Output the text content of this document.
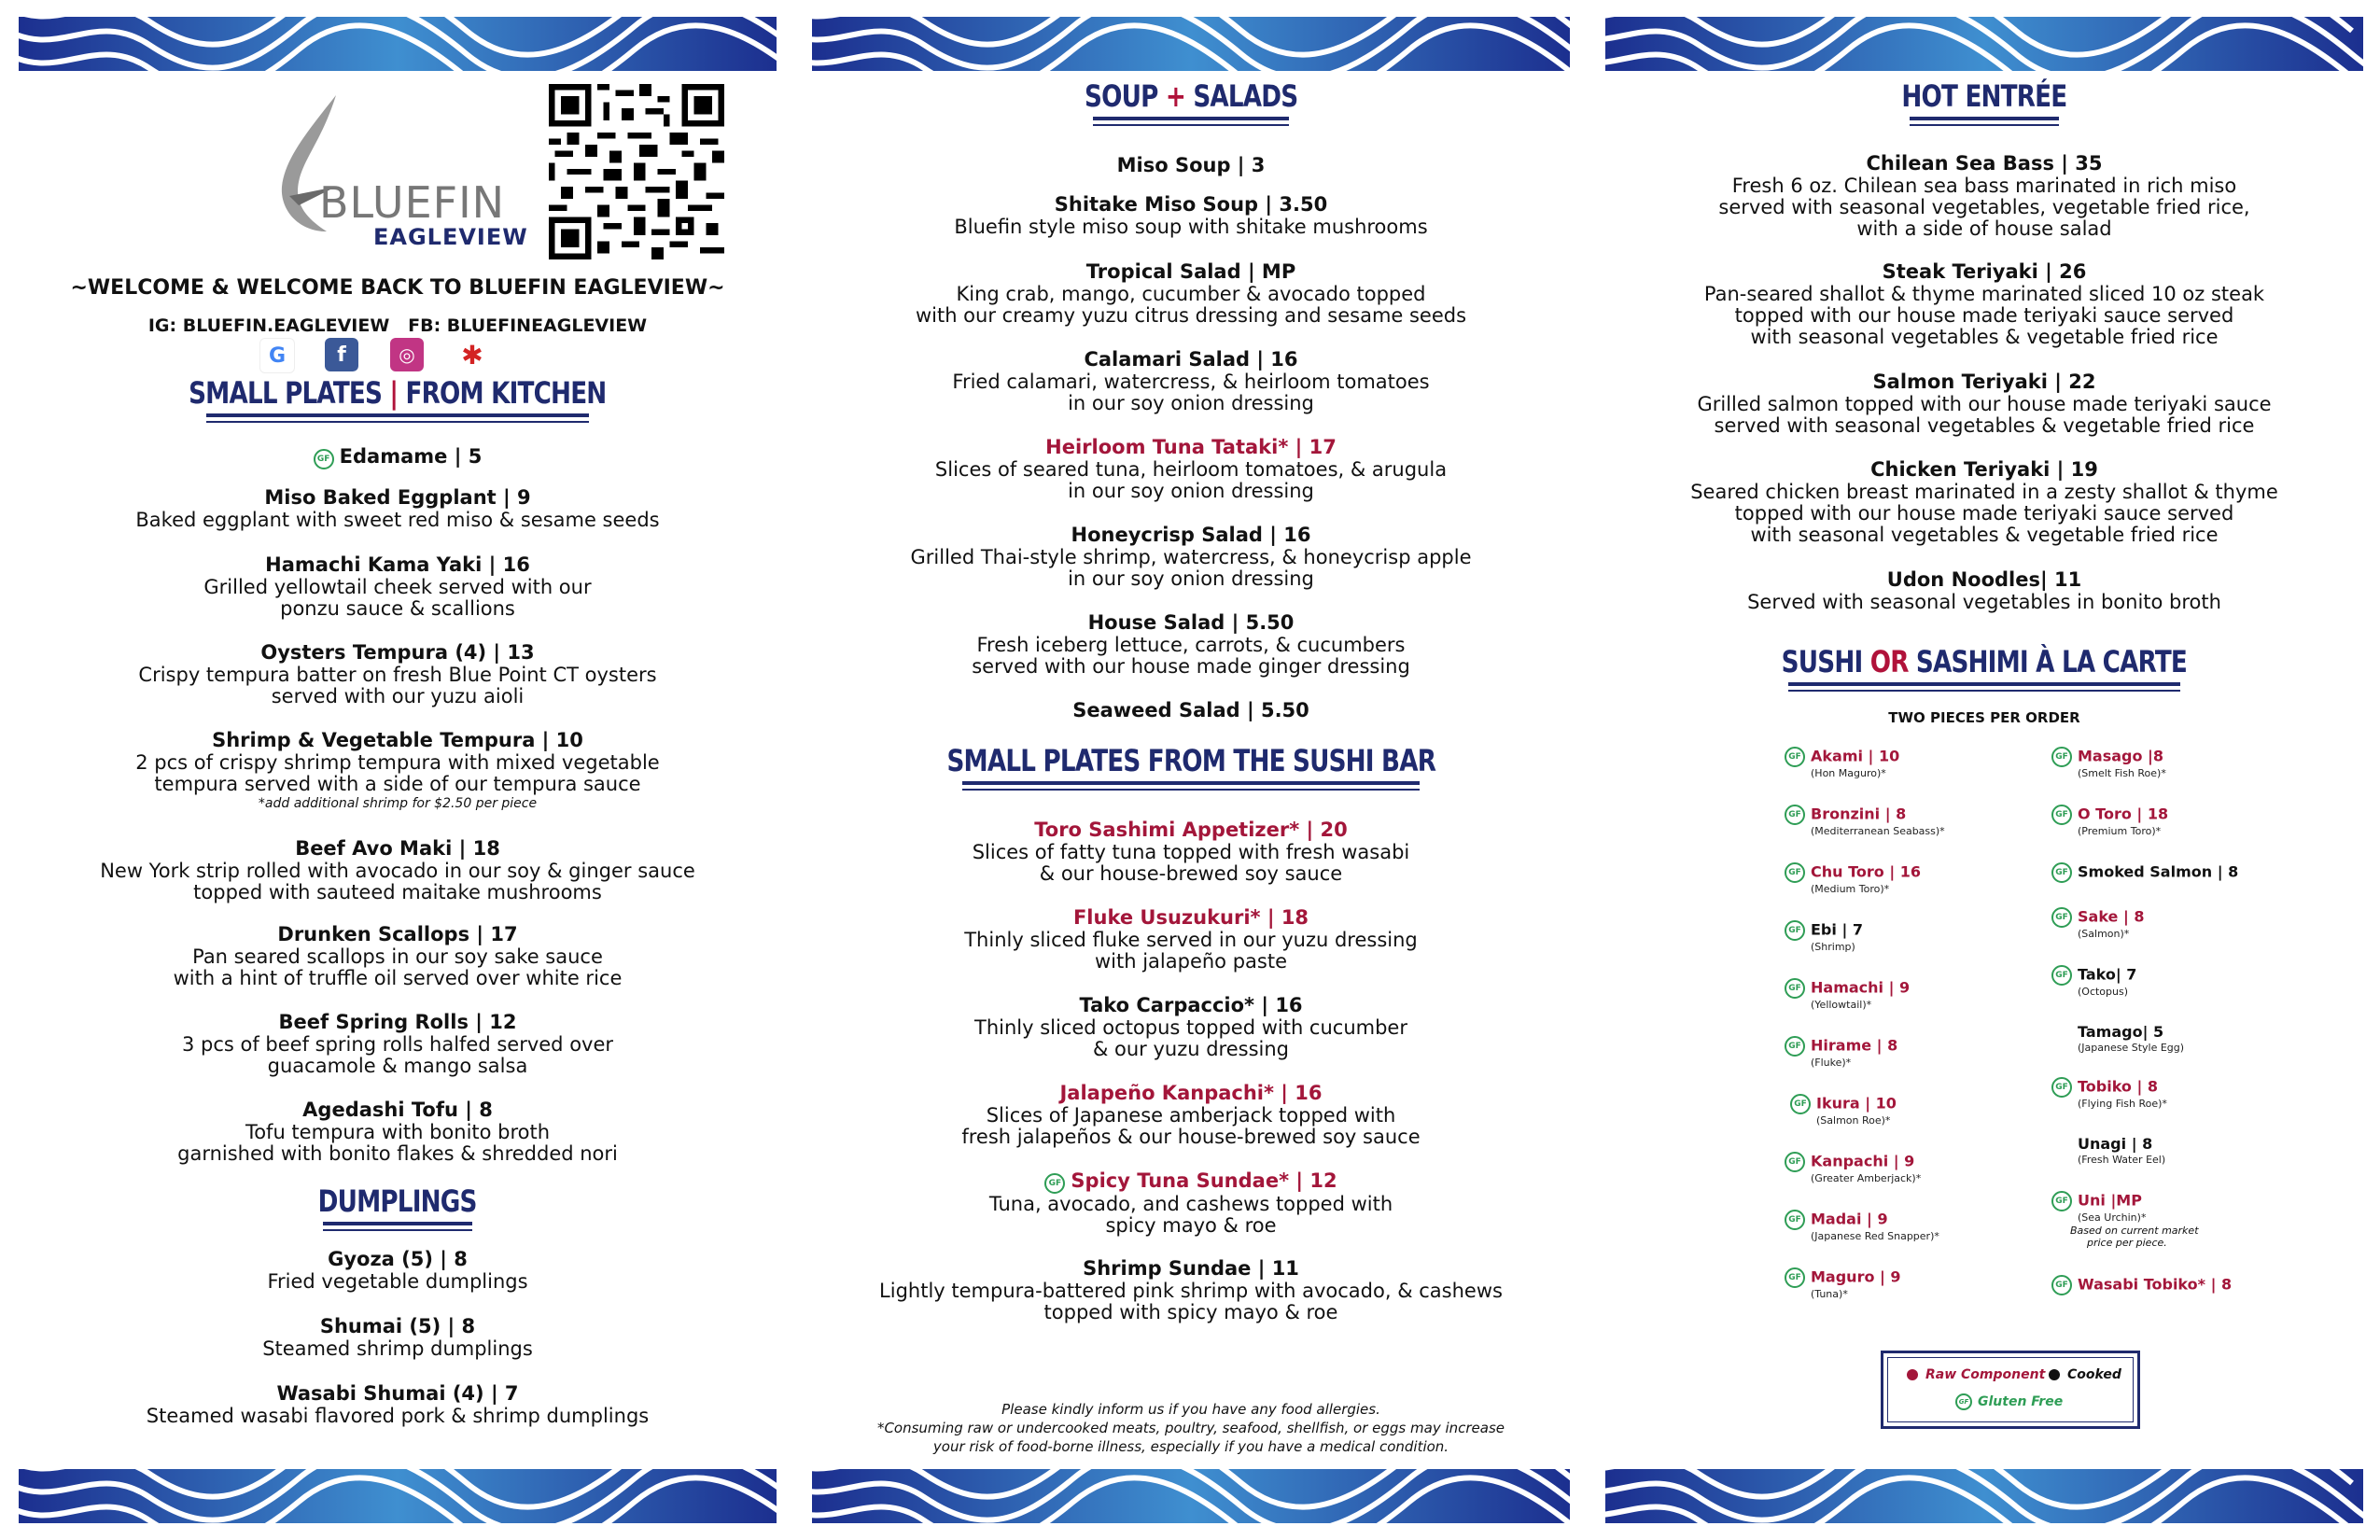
BLUEFIN
EAGLEVIEW
~WELCOME & WELCOME BACK TO BLUEFIN EAGLEVIEW~
IG: BLUEFIN.EAGLEVIEW   FB: BLUEFINEAGLEVIEW
G	f	◎	✱
SMALL PLATES | FROM KITCHEN
GF Edamame | 5
Miso Baked Eggplant | 9
Baked eggplant with sweet red miso & sesame seeds
Hamachi Kama Yaki | 16
Grilled yellowtail cheek served with our
ponzu sauce & scallions
Oysters Tempura (4) | 13
Crispy tempura batter on fresh Blue Point CT oysters
served with our yuzu aioli
Shrimp & Vegetable Tempura | 10
2 pcs of crispy shrimp tempura with mixed vegetable
tempura served with a side of our tempura sauce
*add additional shrimp for $2.50 per piece
Beef Avo Maki | 18
New York strip rolled with avocado in our soy & ginger sauce
topped with sauteed maitake mushrooms
Drunken Scallops | 17
Pan seared scallops in our soy sake sauce
with a hint of truffle oil served over white rice
Beef Spring Rolls | 12
3 pcs of beef spring rolls halfed served over
guacamole & mango salsa
Agedashi Tofu | 8
Tofu tempura with bonito broth
garnished with bonito flakes & shredded nori
DUMPLINGS
Gyoza (5) | 8
Fried vegetable dumplings
Shumai (5) | 8
Steamed shrimp dumplings
Wasabi Shumai (4) | 7
Steamed wasabi flavored pork & shrimp dumplings
SOUP + SALADS
Miso Soup | 3
Shitake Miso Soup | 3.50
Bluefin style miso soup with shitake mushrooms
Tropical Salad | MP
King crab, mango, cucumber & avocado topped
with our creamy yuzu citrus dressing and sesame seeds
Calamari Salad | 16
Fried calamari, watercress, & heirloom tomatoes
in our soy onion dressing
Heirloom Tuna Tataki* | 17
Slices of seared tuna, heirloom tomatoes, & arugula
in our soy onion dressing
Honeycrisp Salad | 16
Grilled Thai-style shrimp, watercress, & honeycrisp apple
in our soy onion dressing
House Salad | 5.50
Fresh iceberg lettuce, carrots, & cucumbers
served with our house made ginger dressing
Seaweed Salad | 5.50
SMALL PLATES FROM THE SUSHI BAR
Toro Sashimi Appetizer* | 20
Slices of fatty tuna topped with fresh wasabi
& our house-brewed soy sauce
Fluke Usuzukuri* | 18
Thinly sliced fluke served in our yuzu dressing
with jalapeño paste
Tako Carpaccio* | 16
Thinly sliced octopus topped with cucumber
& our yuzu dressing
Jalapeño Kanpachi* | 16
Slices of Japanese amberjack topped with
fresh jalapeños & our house-brewed soy sauce
GF Spicy Tuna Sundae* | 12
Tuna, avocado, and cashews topped with
spicy mayo & roe
Shrimp Sundae | 11
Lightly tempura-battered pink shrimp with avocado, & cashews
topped with spicy mayo & roe
Please kindly inform us if you have any food allergies.
*Consuming raw or undercooked meats, poultry, seafood, shellfish, or eggs may increase
your risk of food-borne illness, especially if you have a medical condition.
HOT ENTRÉE
Chilean Sea Bass | 35
Fresh 6 oz. Chilean sea bass marinated in rich miso
served with seasonal vegetables, vegetable fried rice,
with a side of house salad
Steak Teriyaki | 26
Pan-seared shallot & thyme marinated sliced 10 oz steak
topped with our house made teriyaki sauce served
with seasonal vegetables & vegetable fried rice
Salmon Teriyaki | 22
Grilled salmon topped with our house made teriyaki sauce
served with seasonal vegetables & vegetable fried rice
Chicken Teriyaki | 19
Seared chicken breast marinated in a zesty shallot & thyme
topped with our house made teriyaki sauce served
with seasonal vegetables & vegetable fried rice
Udon Noodles| 11
Served with seasonal vegetables in bonito broth
SUSHI OR SASHIMI À LA CARTE
TWO PIECES PER ORDER
GF Akami | 10
(Hon Maguro)*
GF Bronzini | 8
(Mediterranean Seabass)*
GF Chu Toro | 16
(Medium Toro)*
GF Ebi | 7
(Shrimp)
GF Hamachi | 9
(Yellowtail)*
GF Hirame | 8
(Fluke)*
GF Ikura | 10
(Salmon Roe)*
GF Kanpachi | 9
(Greater Amberjack)*
GF Madai | 9
(Japanese Red Snapper)*
GF Maguro | 9
(Tuna)*
GF Masago |8
(Smelt Fish Roe)*
GF O Toro | 18
(Premium Toro)*
GF Smoked Salmon | 8
GF Sake | 8
(Salmon)*
GF Tako| 7
(Octopus)
Tamago| 5
(Japanese Style Egg)
GF Tobiko | 8
(Flying Fish Roe)*
Unagi | 8
(Fresh Water Eel)
GF Uni |MP
(Sea Urchin)*
Based on current market
price per piece.
GF Wasabi Tobiko* | 8
Raw Component	Cooked
GF Gluten Free
